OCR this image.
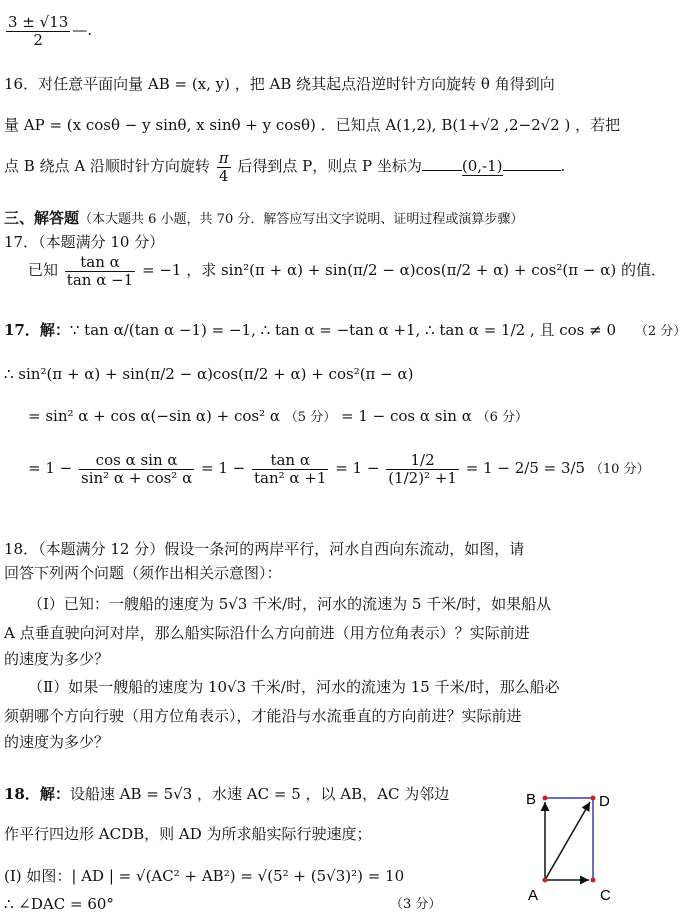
$\frac{3 \pm √13}{2}$ —.
16．对任意平面向量 AB = (x, y) ，把 AB 绕其起点沿逆时针方向旋转 θ 角得到向
量 AP = (x cosθ − y sinθ, x sinθ + y cosθ) ．已知点 A(1,2), B(1+√2 ,2−2√2 ) ，若把
点 B 绕点 A 沿顺时针方向旋转 $\frac{\pi}{4}$ 后得到点 P，则点 P 坐标为	(0,-1)	.
三、解答题（本大题共 6 小题，共 70 分．解答应写出文字说明、证明过程或演算步骤）
17．（本题满分 10 分）
已知 $\frac{\text{tan α}}{\text{tan α −1}} = -1$ ，求 sin²(π + α) + sin(π/2 − α)cos(π/2 + α) + cos²(π − α) 的值．
17．解：∵ tan α/(tan α −1) = −1, ∴ tan α = −tan α +1, ∴ tan α = 1/2 , 且 cos ≠ 0 （2 分）
∴ sin²(π + α) + sin(π/2 − α)cos(π/2 + α) + cos²(π − α)
= sin² α + cos α(−sin α) + cos² α （5 分） = 1 − cos α sin α （6 分）
= $1 - \frac{\text{cos α sin α}}{\text{sin² α + cos² α}} = 1 - \frac{\text{tan α}}{\text{tan² α +1}} = 1 - \frac{1/2}{\text{(1/2)² +1}} = 1 - 2/5 = 3/5$ （10 分）
18．（本题满分 12 分）假设一条河的两岸平行，河水自西向东流动，如图，请
回答下列两个问题（须作出相关示意图）：
（Ⅰ）已知：一艘船的速度为 5√3 千米/时，河水的流速为 5 千米/时，如果船从
A 点垂直驶向河对岸，那么船实际沿什么方向前进（用方位角表示）？实际前进
的速度为多少？
（Ⅱ）如果一艘船的速度为 10√3 千米/时，河水的流速为 15 千米/时，那么船必
须朝哪个方向行驶（用方位角表示），才能沿与水流垂直的方向前进？实际前进
的速度为多少？
18．解：设船速 AB = 5√3 ，水速 AC = 5 ，以 AB，AC 为邻边
作平行四边形 ACDB，则 AD 为所求船实际行驶速度；
(Ⅰ) 如图：| AD | = √(AC² + AB²) = √(5² + (5√3)²) = 10
∴ ∠DAC = 60°	（3 分）
B	D
A	C
